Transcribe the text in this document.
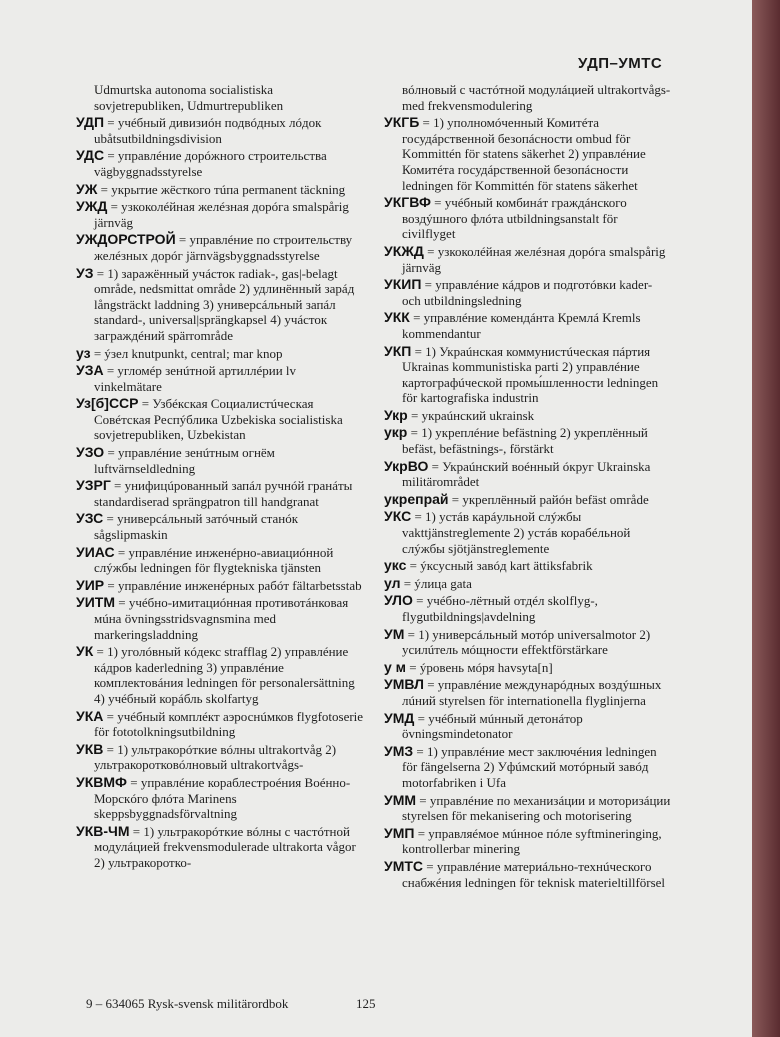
УДП–УМТС
Udmurtska autonoma socialistiska sovjetrepubliken, Udmurtrepubliken
УДП = учéбный дивизиóн подвóдных лóдок ubåtsutbildningsdivision
УДС = управлéние дорóжного строительства vägbyggnadsstyrelse
УЖ = укрытие жёсткого тúпа permanent täckning
УЖД = узкоколéйная желéзная дорóга smalspårig järnväg
УЖДОРСТРОЙ = управлéние по строительству желéзных дорóг järnvägsbyggnadsstyrelse
УЗ = 1) заражённый учáсток radiak-, gas|-belagt område, nedsmittat område 2) удлинённый зарáд långsträckt laddning 3) универсáльный запáл standard-, universal|sprängkapsel 4) учáсток заграждéний spärrområde
уз = ýзел knutpunkt, central; mar knop
УЗА = угломéр зенúтной артиллéрии lv vinkelmätare
Уз[б]ССР = Узбéкская Социалистúческая Совéтская Респýблика Uzbekiska socialistiska sovjetrepubliken, Uzbekistan
УЗО = управлéние зенúтным огнём luftvärnseldledning
УЗРГ = унифицúрованный запáл ручнóй гранáты standardiserad sprängpatron till handgranat
УЗС = универсáльный затóчный станóк sågslipmaskin
УИАС = управлéние инженéрно-авиациóнной слýжбы ledningen för flygtekniska tjänsten
УИР = управлéние инженéрных рабóт fältarbetsstab
УИТМ = учéбно-имитациóнная противотáнковая мúна övningsstridsvagnsmina med markeringsladdning
УК = 1) уголóвный кóдекс strafflag 2) управлéние кáдров kaderledning 3) управлéние комплектовáния ledningen för personalersättning 4) учéбный корáбль skolfartyg
УКА = учéбный комплéкт аэроснúмков flygfotoserie för fototolkningsutbildning
УКВ = 1) ультракорóткие вóлны ultrakortvåg 2) ультракоротковóлновый ultrakortvågs-
УКВМФ = управлéние кораблестроéния Воéнно-Морскóго флóта Marinens skeppsbyggnadsförvaltning
УКВ-ЧМ = 1) ультракорóткие вóлны с частóтной модулáцией frekvensmodulerade ultrakorta vågor 2) ультракоротко-
вóлновый с частóтной модулáцией ultrakortvågs- med frekvensmodulering
УКГБ = 1) уполномóченный Комитéта госудáрственной безопáсности ombud för Kommittén för statens säkerhet 2) управлéние Комитéта госудáрственной безопáсности ledningen för Kommittén för statens säkerhet
УКГВФ = учéбный комбинáт граждáнского воздýшного флóта utbildningsanstalt för civilflyget
УКЖД = узкоколéйная желéзная дорóга smalspårig järnväg
УКИП = управлéние кáдров и подготóвки kader- och utbildningsledning
УКК = управлéние комендáнта Кремлá Kremls kommendantur
УКП = 1) Украúнская коммунистúческая пáртия Ukrainas kommunistiska parti 2) управлéние картографúческой промы́шленности ledningen för kartografiska industrin
Укр = украúнский ukrainsk
укр = 1) укреплéние befästning 2) укреплённый befäst, befästnings-, förstärkt
УкрВО = Украúнский воéнный óкруг Ukrainska militärområdet
укрепрай = укреплённый райóн befäst område
УКС = 1) устáв карáульной слýжбы vakttjänstreglemente 2) устáв корабéльной слýжбы sjötjänstreglemente
укс = ýксусный завóд kart ättiksfabrik
ул = ýлица gata
УЛО = учéбно-лётный отдéл skolflyg-, flygutbildnings|avdelning
УМ = 1) универсáльный мотóр universalmotor 2) усилúтель мóщности effektförstärkare
у м = ýровень мóря havsyta[n]
УМВЛ = управлéние междунарóдных воздýшных лúний styrelsen för internationella flyglinjerna
УМД = учéбный мúнный детонáтор övningsmindetonator
УМЗ = 1) управлéние мест заключéния ledningen för fängelserna 2) Уфúмский мотóрный завóд motorfabriken i Ufa
УММ = управлéние по механизáции и моторизáции styrelsen för mekanisering och motorisering
УМП = управляéмое мúнное пóле syftmineringing, kontrollerbar minering
УМТС = управлéние материáльно-технúческого снабжéния ledningen för teknisk materieltillförsel
9 – 634065 Rysk-svensk militärordbok	125
